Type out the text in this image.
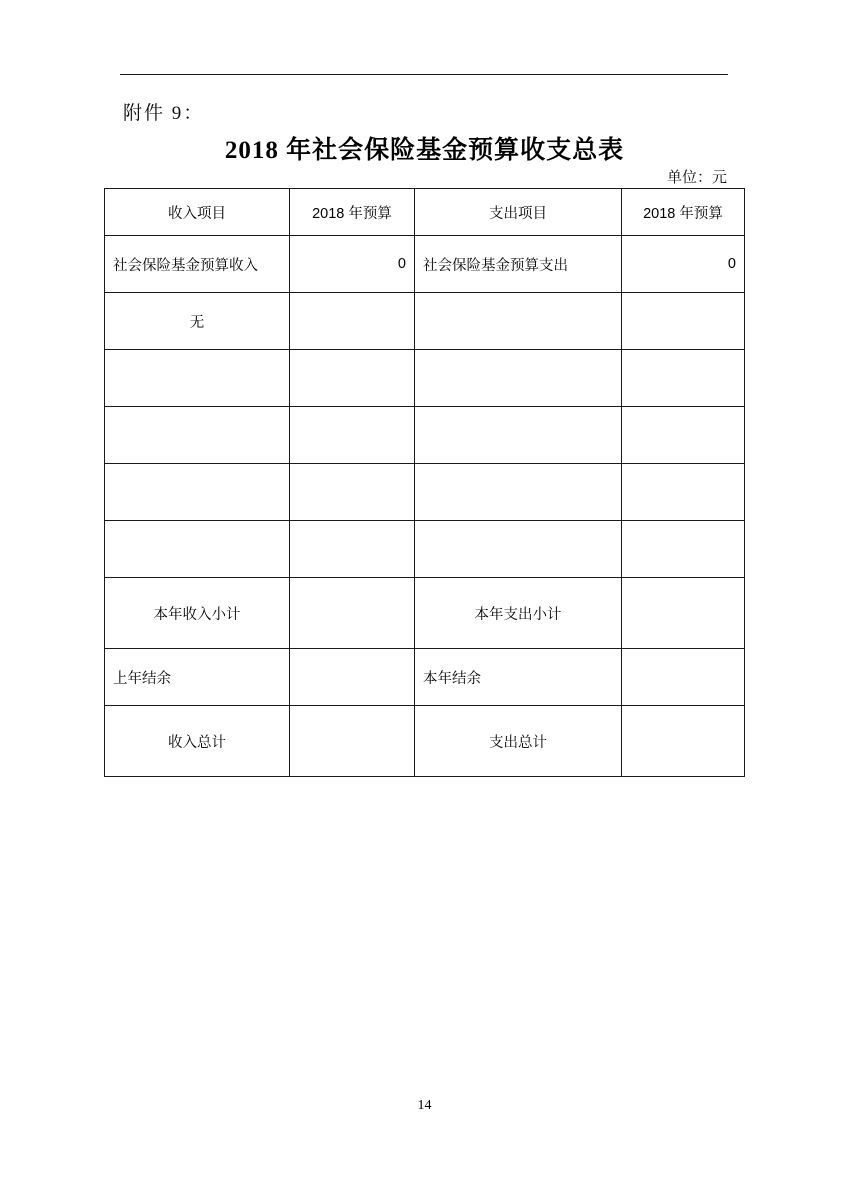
附件 9：
2018 年社会保险基金预算收支总表
单位：元
收入项目	2018 年预算	支出项目	2018 年预算
社会保险基金预算收入	0	社会保险基金预算支出	0
无			

本年收入小计		本年支出小计	
上年结余		本年结余	
收入总计		支出总计	
14
